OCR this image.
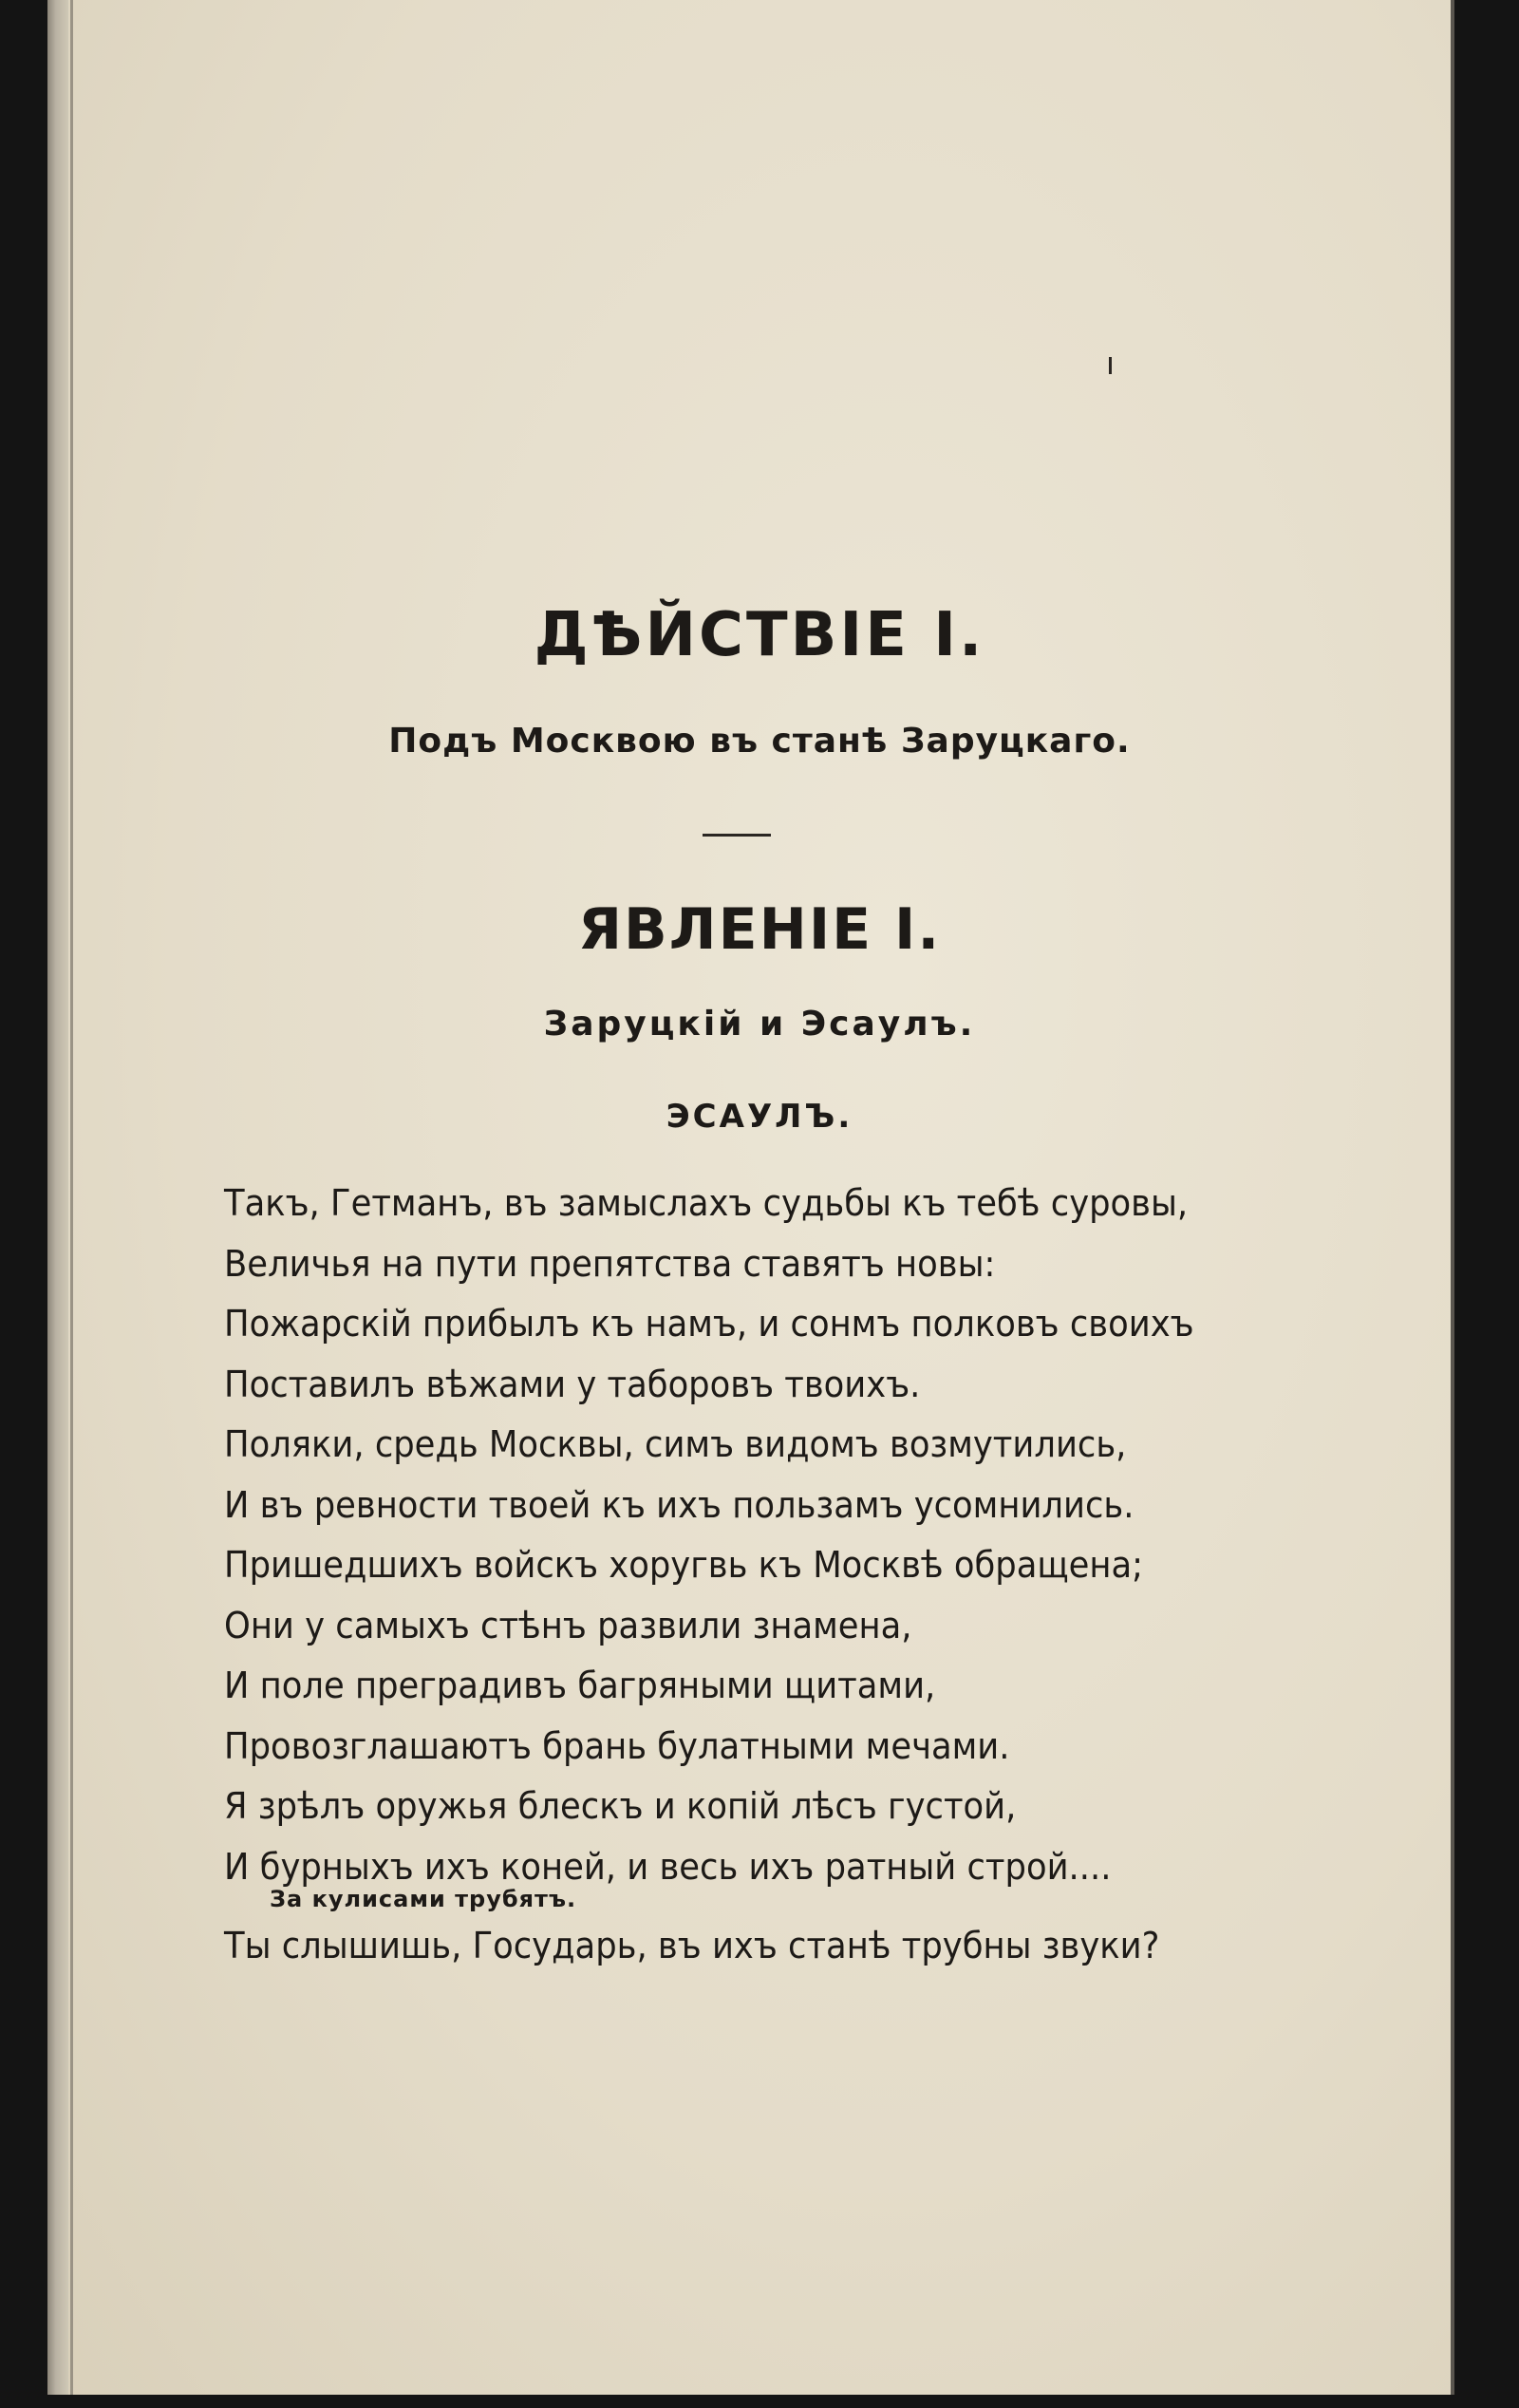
ДѢЙСТВІЕ I.
Подъ Москвою въ станѣ Заруцкаго.
ЯВЛЕНІЕ I.
Заруцкій и Эсаулъ.
ЭСАУЛЪ.
Такъ, Гетманъ, въ замыслахъ судьбы къ тебѣ суровы,
Величья на пути препятства ставятъ новы:
Пожарскій прибылъ къ намъ, и сонмъ полковъ своихъ
Поставилъ вѣжами у таборовъ твоихъ.
Поляки, средь Москвы, симъ видомъ возмутились,
И въ ревности твоей къ ихъ пользамъ усомнились.
Пришедшихъ войскъ хоругвь къ Москвѣ обращена;
Они у самыхъ стѣнъ развили знамена,
И поле преградивъ багряными щитами,
Провозглашаютъ брань булатными мечами.
Я зрѣлъ оружья блескъ и копій лѣсъ густой,
И бурныхъ ихъ коней, и весь ихъ ратный строй....
За кулисами трубятъ.
Ты слышишь, Государь, въ ихъ станѣ трубны звуки?
